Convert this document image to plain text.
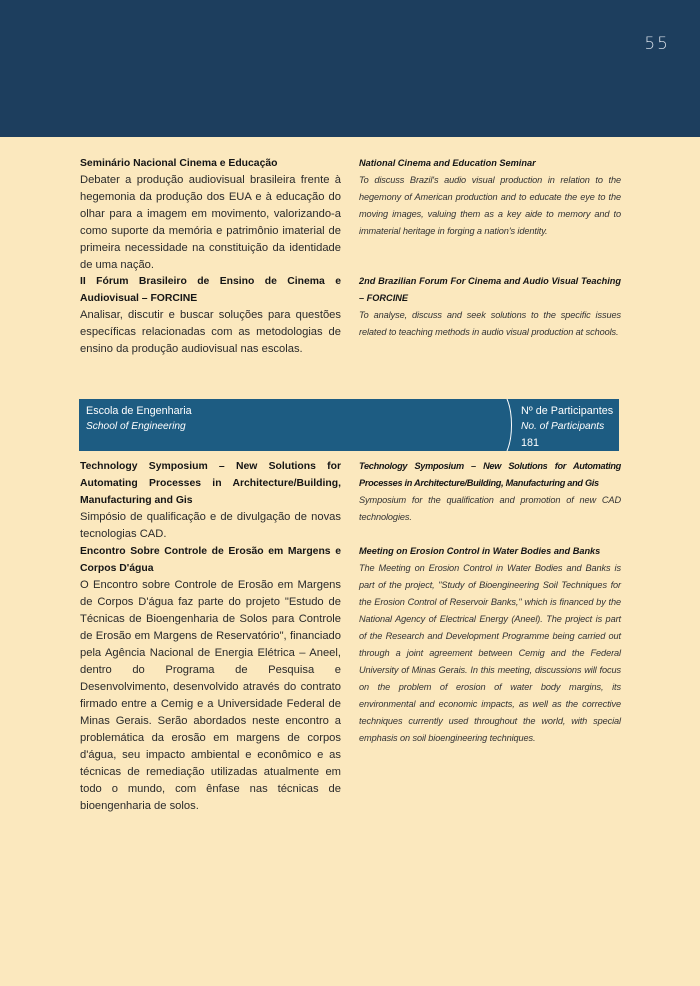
55
Seminário Nacional Cinema e Educação
Debater a produção audiovisual brasileira frente à hegemonia da produção dos EUA e à educação do olhar para a imagem em movimento, valorizando-a como suporte da memória e patrimônio imaterial de primeira necessidade na constituição da identidade de uma nação.
National Cinema and Education Seminar
To discuss Brazil's audio visual production in relation to the hegemony of American production and to educate the eye to the moving images, valuing them as a key aide to memory and to immaterial heritage in forging a nation's identity.
II Fórum Brasileiro de Ensino de Cinema e Audiovisual – FORCINE
Analisar, discutir e buscar soluções para questões específicas relacionadas com as metodologias de ensino da produção audiovisual nas escolas.
2nd Brazilian Forum For Cinema and Audio Visual Teaching – FORCINE
To analyse, discuss and seek solutions to the specific issues related to teaching methods in audio visual production at schools.
Escola de Engenharia
School of Engineering
Nº de Participantes
No. of Participants
181
Technology Symposium – New Solutions for Automating Processes in Architecture/Building, Manufacturing and Gis
Simpósio de qualificação e de divulgação de novas tecnologias CAD.
Technology Symposium – New Solutions for Automating Processes in Architecture/Building, Manufacturing and Gis
Symposium for the qualification and promotion of new CAD technologies.
Encontro Sobre Controle de Erosão em Margens e Corpos D'água
O Encontro sobre Controle de Erosão em Margens de Corpos D'água faz parte do projeto "Estudo de Técnicas de Bioengenharia de Solos para Controle de Erosão em Margens de Reservatório", financiado pela Agência Nacional de Energia Elétrica – Aneel, dentro do Programa de Pesquisa e Desenvolvimento, desenvolvido através do contrato firmado entre a Cemig e a Universidade Federal de Minas Gerais. Serão abordados neste encontro a problemática da erosão em margens de corpos d'água, seu impacto ambiental e econômico e as técnicas de remediação utilizadas atualmente em todo o mundo, com ênfase nas técnicas de bioengenharia de solos.
Meeting on Erosion Control in Water Bodies and Banks
The Meeting on Erosion Control in Water Bodies and Banks is part of the project, "Study of Bioengineering Soil Techniques for the Erosion Control of Reservoir Banks," which is financed by the National Agency of Electrical Energy (Aneel). The project is part of the Research and Development Programme being carried out through a joint agreement between Cemig and the Federal University of Minas Gerais. In this meeting, discussions will focus on the problem of erosion of water body margins, its environmental and economic impacts, as well as the corrective techniques currently used throughout the world, with special emphasis on soil bioengineering techniques.
